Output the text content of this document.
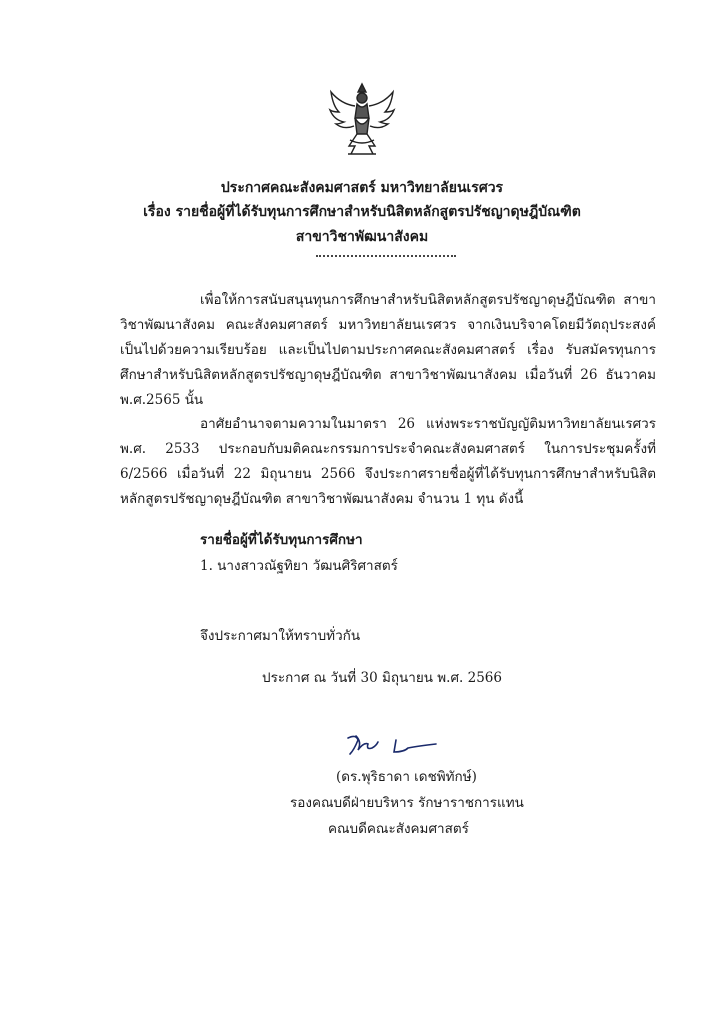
ประกาศคณะสังคมศาสตร์ มหาวิทยาลัยนเรศวร
เรื่อง รายชื่อผู้ที่ได้รับทุนการศึกษาสำหรับนิสิตหลักสูตรปรัชญาดุษฎีบัณฑิต
สาขาวิชาพัฒนาสังคม
เพื่อให้การสนับสนุนทุนการศึกษาสำหรับนิสิตหลักสูตรปรัชญาดุษฎีบัณฑิต สาขาวิชาพัฒนาสังคม คณะสังคมศาสตร์ มหาวิทยาลัยนเรศวร จากเงินบริจาคโดยมีวัตถุประสงค์ เป็นไปด้วยความเรียบร้อย และเป็นไปตามประกาศคณะสังคมศาสตร์ เรื่อง รับสมัครทุนการศึกษาสำหรับนิสิตหลักสูตรปรัชญาดุษฎีบัณฑิต สาขาวิชาพัฒนาสังคม เมื่อวันที่ 26 ธันวาคม พ.ศ.2565 นั้น
อาศัยอำนาจตามความในมาตรา 26 แห่งพระราชบัญญัติมหาวิทยาลัยนเรศวร พ.ศ. 2533 ประกอบกับมติคณะกรรมการประจำคณะสังคมศาสตร์ ในการประชุมครั้งที่ 6/2566 เมื่อวันที่ 22 มิถุนายน 2566 จึงประกาศรายชื่อผู้ที่ได้รับทุนการศึกษาสำหรับนิสิตหลักสูตรปรัชญาดุษฎีบัณฑิต สาขาวิชาพัฒนาสังคม จำนวน 1 ทุน ดังนี้
รายชื่อผู้ที่ได้รับทุนการศึกษา
1. นางสาวณัฐทิยา วัฒนศิริศาสตร์
จึงประกาศมาให้ทราบทั่วกัน
ประกาศ ณ วันที่ 30 มิถุนายน พ.ศ. 2566
(ดร.พุริธาดา เดชพิทักษ์)
รองคณบดีฝ่ายบริหาร รักษาราชการแทน
คณบดีคณะสังคมศาสตร์
